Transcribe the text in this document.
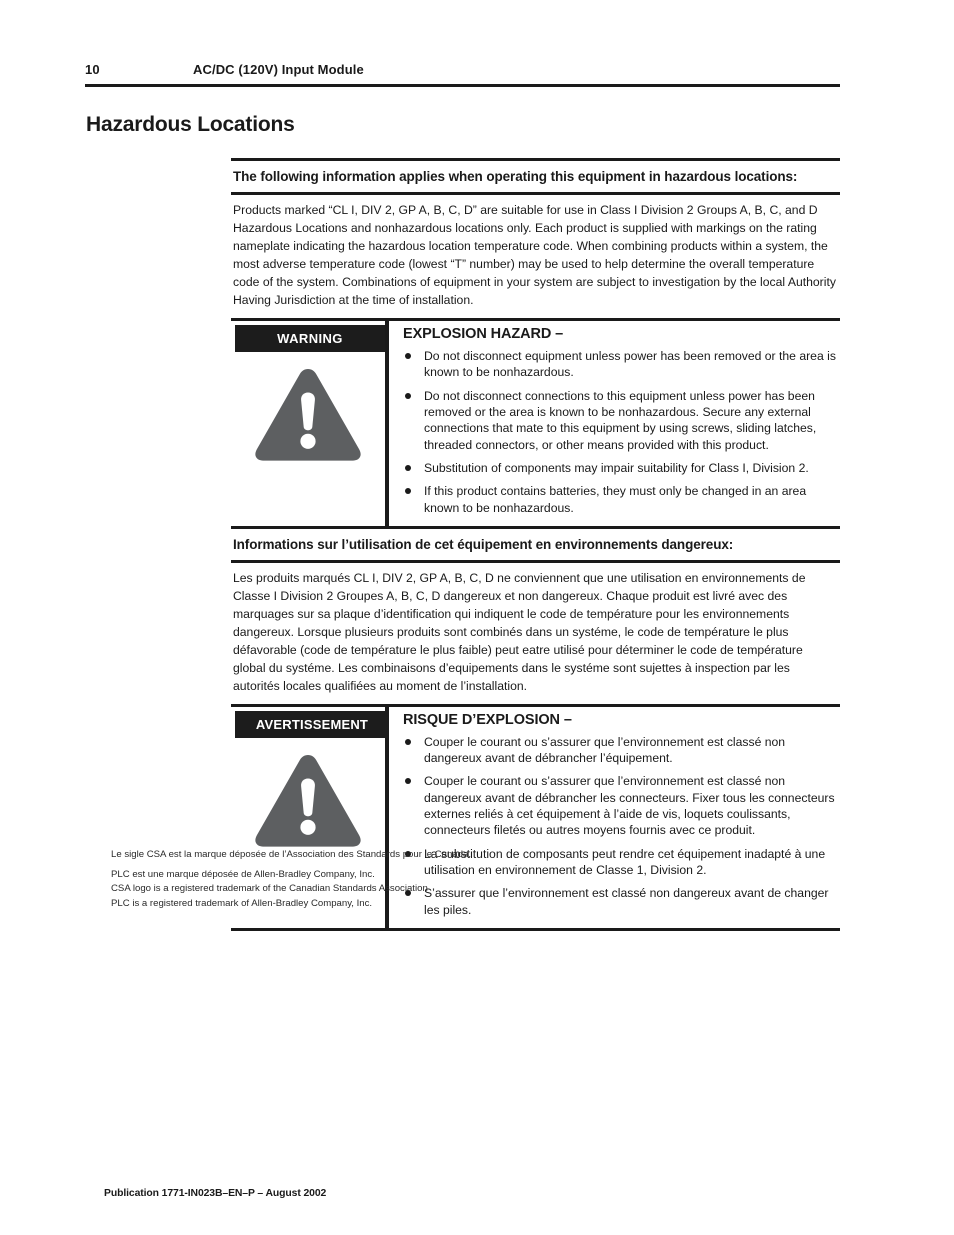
10	AC/DC (120V) Input Module
Hazardous Locations
The following information applies when operating this equipment in hazardous locations:
Products marked “CL I, DIV 2, GP A, B, C, D” are suitable for use in Class I Division 2 Groups A, B, C, and D Hazardous Locations and nonhazardous locations only. Each product is supplied with markings on the rating nameplate indicating the hazardous location temperature code. When combining products within a system, the most adverse temperature code (lowest “T” number) may be used to help determine the overall temperature code of the system. Combinations of equipment in your system are subject to investigation by the local Authority Having Jurisdiction at the time of installation.
WARNING	EXPLOSION HAZARD –
Do not disconnect equipment unless power has been removed or the area is known to be nonhazardous.
Do not disconnect connections to this equipment unless power has been removed or the area is known to be nonhazardous. Secure any external connections that mate to this equipment by using screws, sliding latches, threaded connectors, or other means provided with this product.
Substitution of components may impair suitability for Class I, Division 2.
If this product contains batteries, they must only be changed in an area known to be nonhazardous.
Informations sur l’utilisation de cet équipement en environnements dangereux:
Les produits marqués CL I, DIV 2, GP A, B, C, D ne conviennent que une utilisation en environnements de Classe I Division 2 Groupes A, B, C, D dangereux et non dangereux. Chaque produit est livré avec des marquages sur sa plaque d’identification qui indiquent le code de température pour les environnements dangereux. Lorsque plusieurs produits sont combinés dans un systéme, le code de température le plus défavorable (code de température le plus faible) peut eatre utilisé pour déterminer le code de température global du systéme. Les combinaisons d’equipements dans le systéme sont sujettes à inspection par les autorités locales qualifiées au moment de l’installation.
AVERTISSEMENT RISQUE D’EXPLOSION –
Couper le courant ou s’assurer que l’environnement est classé non dangereux avant de débrancher l’équipement.
Couper le courant ou s’assurer que l’environnement est classé non dangereux avant de débrancher les connecteurs. Fixer tous les connecteurs externes reliés à cet équipement à l’aide de vis, loquets coulissants, connecteurs filetés ou autres moyens fournis avec ce produit.
La substitution de composants peut rendre cet équipement inadapté à une utilisation en environnement de Classe 1, Division 2.
S’assurer que l’environnement est classé non dangereux avant de changer les piles.
Le sigle CSA est la marque déposée de l’Association des Standards pour le Canada.
PLC est une marque déposée de Allen-Bradley Company, Inc.
CSA logo is a registered trademark of the Canadian Standards Association
PLC is a registered trademark of Allen-Bradley Company, Inc.
Publication 1771-IN023B–EN–P – August 2002
